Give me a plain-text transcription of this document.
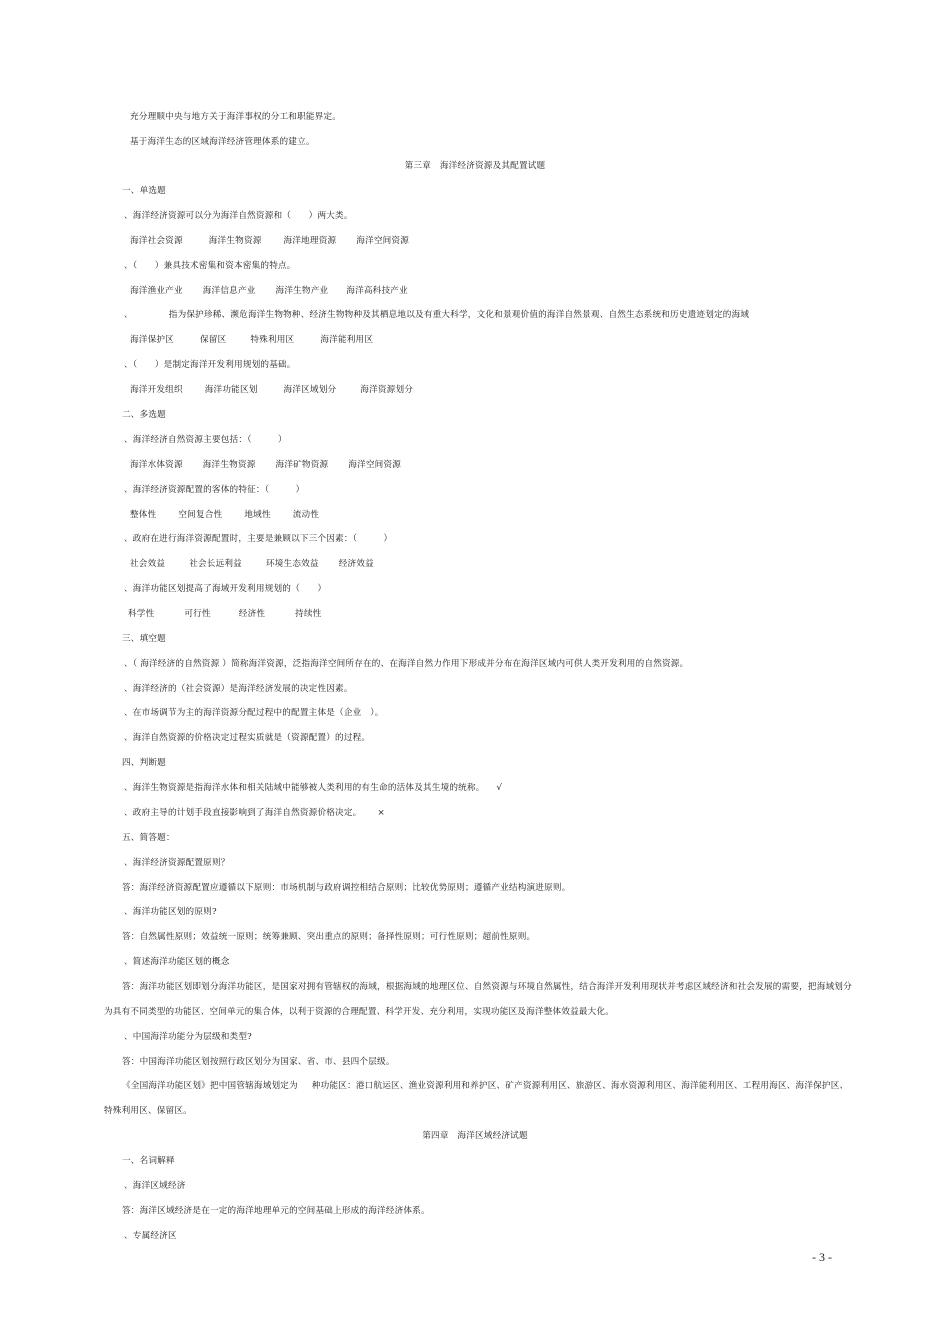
充分理顺中央与地方关于海洋事权的分工和职能界定。
基于海洋生态的区域海洋经济管理体系的建立。
第三章　海洋经济资源及其配置试题
一、单选题
、海洋经济资源可以分为海洋自然资源和（　　）两大类。
海洋社会资源	海洋生物资源	海洋地理资源 海洋空间资源
、（　　）兼具技术密集和资本密集的特点。
海洋渔业产业 海洋信息产业 海洋生物产业 海洋高科技产业
、	指为保护珍稀、濒危海洋生物物种、经济生物物种及其栖息地以及有重大科学，文化和景观价值的海洋自然景观、自然生态系统和历史遗迹划定的海域
海洋保护区	保留区	特殊利用区	海洋能利用区
、（　　）是制定海洋开发利用规划的基础。
海洋开发组织	海洋功能区划	海洋区域划分	海洋资源划分
二、多选题
、海洋经济自然资源主要包括：（　　　）
海洋水体资源 海洋生物资源 海洋矿物资源 海洋空间资源
、海洋经济资源配置的客体的特征：（　　　）
整体性	空间复合性	地域性	流动性
、政府在进行海洋资源配置时，主要是兼顾以下三个因素：（　　　）
社会效益	社会长远利益	环境生态效益 经济效益
、海洋功能区划提高了海域开发利用规划的（　　）
科学性	可行性	经济性	持续性
三、填空题
、（ 海洋经济的自然资源 ）简称海洋资源，泛指海洋空间所存在的、在海洋自然力作用下形成并分布在海洋区域内可供人类开发利用的自然资源。
、海洋经济的（社会资源）是海洋经济发展的决定性因素。
、在市场调节为主的海洋资源分配过程中的配置主体是（企业　）。
、海洋自然资源的价格决定过程实质就是（资源配置）的过程。
四、判断题
、海洋生物资源是指海洋水体和相关陆域中能够被人类利用的有生命的活体及其生境的统称。 √
、政府主导的计划手段直接影响到了海洋自然资源价格决定。 ×
五、简答题：
、海洋经济资源配置原则？
答：海洋经济资源配置应遵循以下原则：市场机制与政府调控相结合原则；比较优势原则；遵循产业结构演进原则。
、海洋功能区划的原则?
答：自然属性原则；效益统一原则；统筹兼顾、突出重点的原则；备择性原则；可行性原则；超前性原则。
、简述海洋功能区划的概念
答：海洋功能区划即划分海洋功能区，是国家对拥有管辖权的海域，根据海域的地理区位、自然资源与环境自然属性，结合海洋开发利用现状并考虑区域经济和社会发展的需要，把海域划分
为具有不同类型的功能区、空间单元的集合体，以利于资源的合理配置、科学开发、充分利用，实现功能区及海洋整体效益最大化。
、中国海洋功能分为层级和类型?
答：中国海洋功能区划按照行政区划分为国家、省、市、县四个层级。
《全国海洋功能区划》把中国管辖海域划定为 种功能区：港口航运区、渔业资源利用和养护区、矿产资源利用区、旅游区、海水资源利用区、海洋能利用区、工程用海区、海洋保护区、
特殊利用区、保留区。
第四章　海洋区域经济试题
一、名词解释
、海洋区域经济
答：海洋区域经济是在一定的海洋地理单元的空间基础上形成的海洋经济体系。
、专属经济区
- 3 -
